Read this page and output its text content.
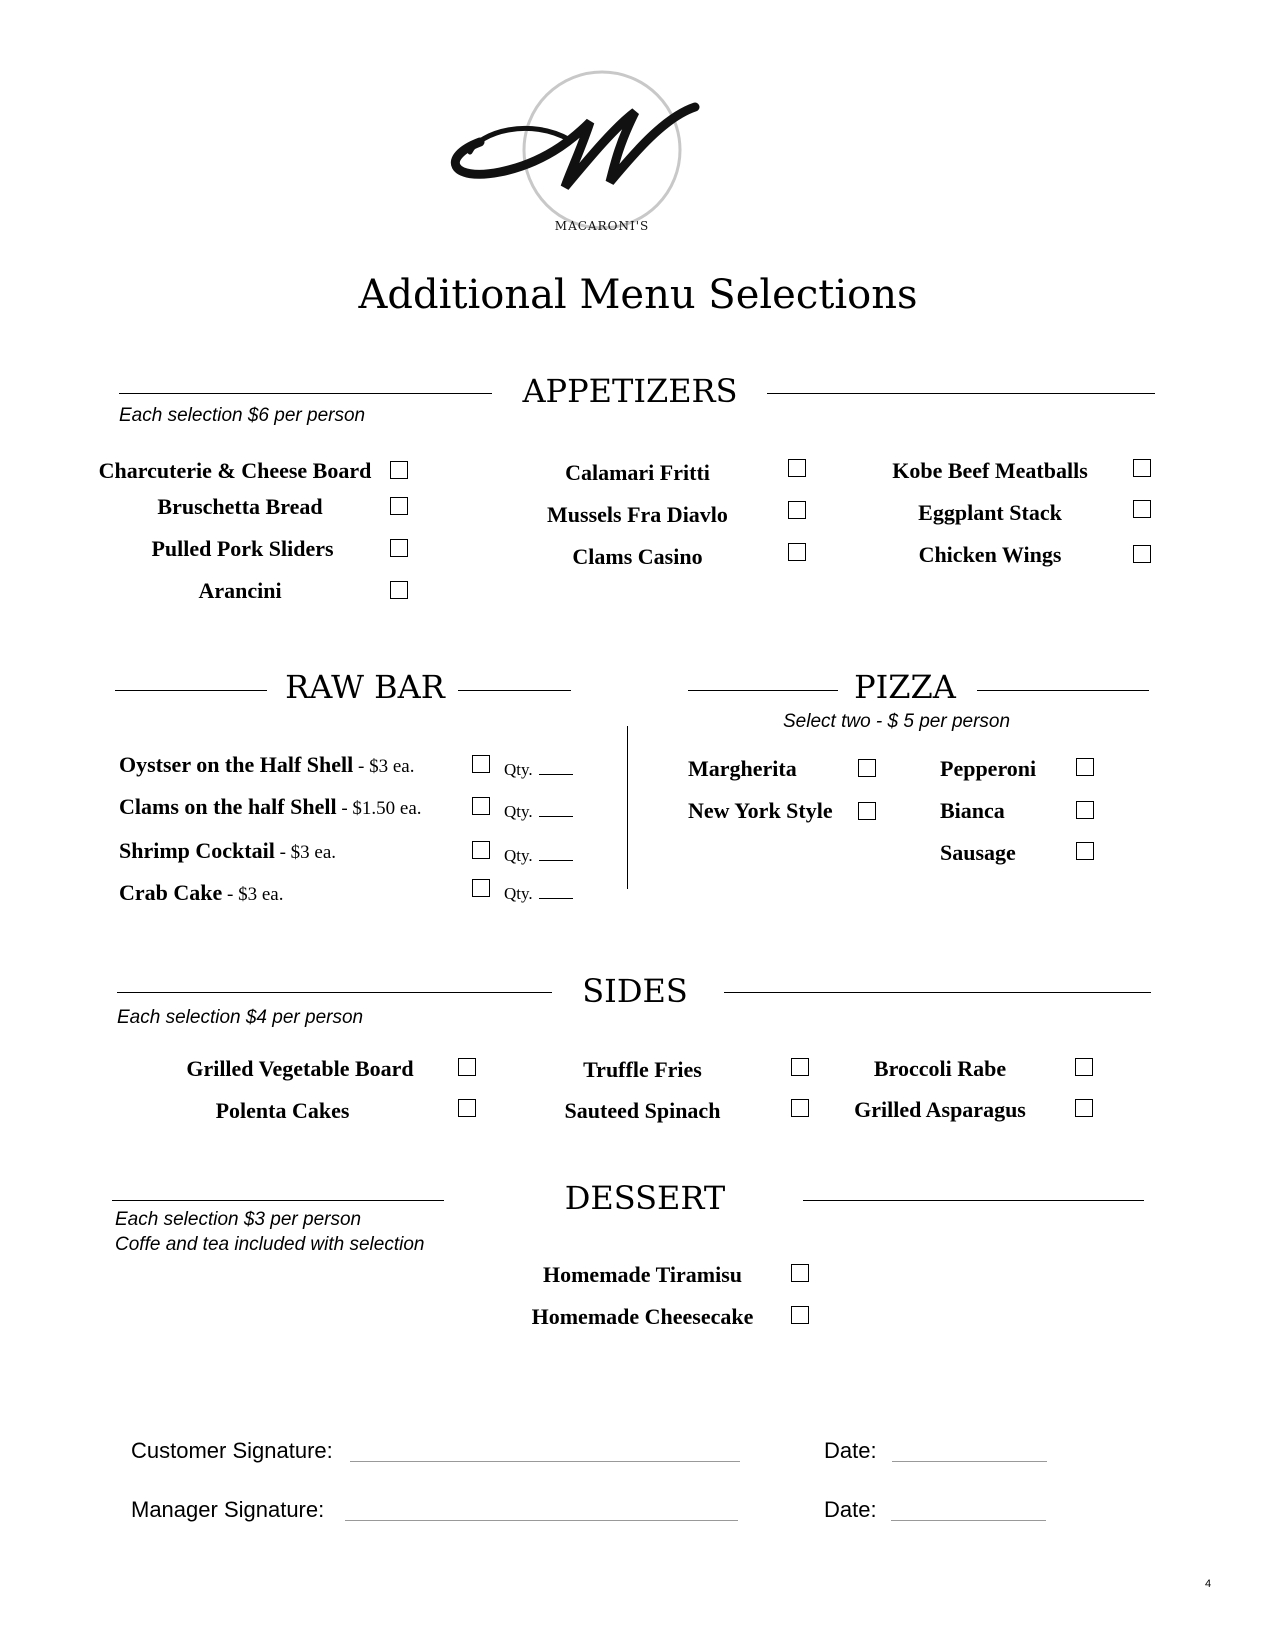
MACARONI'S
Additional Menu Selections
APPETIZERS
Each selection $6 per person
Charcuterie & Cheese Board
Bruschetta Bread
Pulled Pork Sliders
Arancini
Calamari Fritti
Mussels Fra Diavlo
Clams Casino
Kobe Beef Meatballs
Eggplant Stack
Chicken Wings
RAW BAR
Oystser on the Half Shell - $3 ea.	Qty.
Clams on the half Shell - $1.50 ea.	Qty.
Shrimp Cocktail - $3 ea.	Qty.
Crab Cake - $3 ea.	Qty.
PIZZA
Select two - $ 5 per person
Margherita
New York Style
Pepperoni
Bianca
Sausage
SIDES
Each selection $4 per person
Grilled Vegetable Board
Polenta Cakes
Truffle Fries
Sauteed Spinach
Broccoli Rabe
Grilled Asparagus
DESSERT
Each selection $3 per person
Coffe and tea included with selection
Homemade Tiramisu
Homemade Cheesecake
Customer Signature:	Date:
Manager Signature:	Date:
4
